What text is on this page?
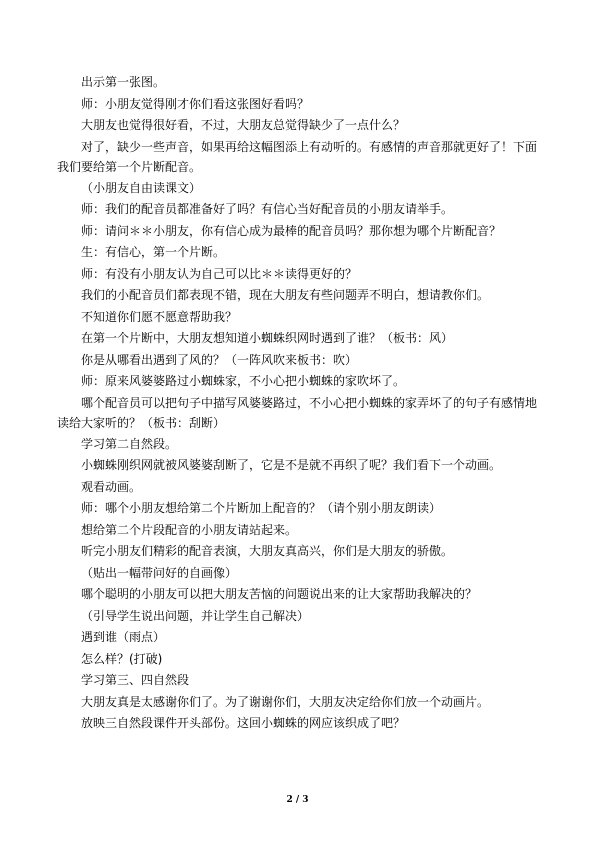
出示第一张图。

师：小朋友觉得刚才你们看这张图好看吗？

大朋友也觉得很好看，不过，大朋友总觉得缺少了一点什么？

对了，缺少一些声音，如果再给这幅图添上有动听的。有感情的声音那就更好了！下面我们要给第一个片断配音。

（小朋友自由读课文）

师：我们的配音员都准备好了吗？有信心当好配音员的小朋友请举手。

师：请问＊＊小朋友，你有信心成为最棒的配音员吗？那你想为哪个片断配音？

生：有信心，第一个片断。

师：有没有小朋友认为自己可以比＊＊读得更好的？

我们的小配音员们都表现不错，现在大朋友有些问题弄不明白，想请教你们。

不知道你们愿不愿意帮助我？

在第一个片断中，大朋友想知道小蜘蛛织网时遇到了谁？（板书：风）

你是从哪看出遇到了风的？（一阵风吹来板书：吹）

师：原来风婆婆路过小蜘蛛家，不小心把小蜘蛛的家吹坏了。

哪个配音员可以把句子中描写风婆婆路过，不小心把小蜘蛛的家弄坏了的句子有感情地读给大家听的？（板书：刮断）

学习第二自然段。

小蜘蛛刚织网就被风婆婆刮断了，它是不是就不再织了呢？我们看下一个动画。

观看动画。

师：哪个小朋友想给第二个片断加上配音的？（请个别小朋友朗读）

想给第二个片段配音的小朋友请站起来。

听完小朋友们精彩的配音表演，大朋友真高兴，你们是大朋友的骄傲。

（贴出一幅带问好的自画像）

哪个聪明的小朋友可以把大朋友苦恼的问题说出来的让大家帮助我解决的？

（引导学生说出问题，并让学生自己解决）

遇到谁（雨点）

怎么样？(打破)

学习第三、四自然段

大朋友真是太感谢你们了。为了谢谢你们，大朋友决定给你们放一个动画片。

放映三自然段课件开头部份。这回小蜘蛛的网应该织成了吧？

2 / 3
